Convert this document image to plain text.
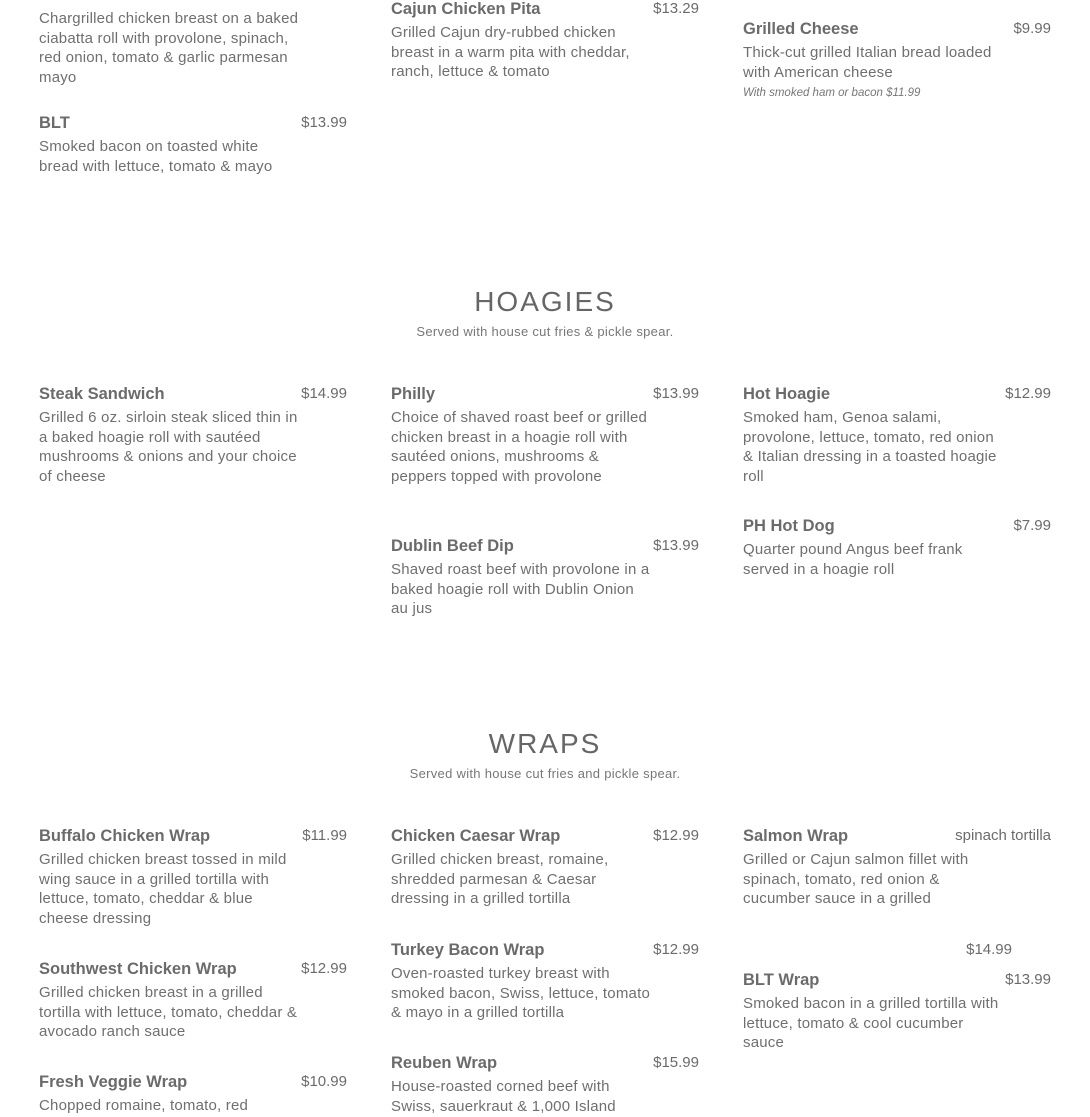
Chargrilled chicken breast on a baked ciabatta roll with provolone, spinach, red onion, tomato & garlic parmesan mayo
BLT	$13.99
Smoked bacon on toasted white bread with lettuce, tomato & mayo
Cajun Chicken Pita	$13.29
Grilled Cajun dry-rubbed chicken breast in a warm pita with cheddar, ranch, lettuce & tomato
Grilled Cheese	$9.99
Thick-cut grilled Italian bread loaded with American cheese
With smoked ham or bacon $11.99
HOAGIES
Served with house cut fries & pickle spear.
Steak Sandwich	$14.99
Grilled 6 oz. sirloin steak sliced thin in a baked hoagie roll with sautéed mushrooms & onions and your choice of cheese
Philly	$13.99
Choice of shaved roast beef or grilled chicken breast in a hoagie roll with sautéed onions, mushrooms & peppers topped with provolone
Dublin Beef Dip	$13.99
Shaved roast beef with provolone in a baked hoagie roll with Dublin Onion au jus
Hot Hoagie	$12.99
Smoked ham, Genoa salami, provolone, lettuce, tomato, red onion & Italian dressing in a toasted hoagie roll
PH Hot Dog	$7.99
Quarter pound Angus beef frank served in a hoagie roll
WRAPS
Served with house cut fries and pickle spear.
Buffalo Chicken Wrap	$11.99
Grilled chicken breast tossed in mild wing sauce in a grilled tortilla with lettuce, tomato, cheddar & blue cheese dressing
Southwest Chicken Wrap	$12.99
Grilled chicken breast in a grilled tortilla with lettuce, tomato, cheddar & avocado ranch sauce
Fresh Veggie Wrap	$10.99
Chopped romaine, tomato, red
Chicken Caesar Wrap	$12.99
Grilled chicken breast, romaine, shredded parmesan & Caesar dressing in a grilled tortilla
Turkey Bacon Wrap	$12.99
Oven-roasted turkey breast with smoked bacon, Swiss, lettuce, tomato & mayo in a grilled tortilla
Reuben Wrap	$15.99
House-roasted corned beef with Swiss, sauerkraut & 1,000 Island
Salmon Wrap	spinach tortilla
Grilled or Cajun salmon fillet with spinach, tomato, red onion & cucumber sauce in a grilled
$14.99
BLT Wrap	$13.99
Smoked bacon in a grilled tortilla with lettuce, tomato & cool cucumber sauce
